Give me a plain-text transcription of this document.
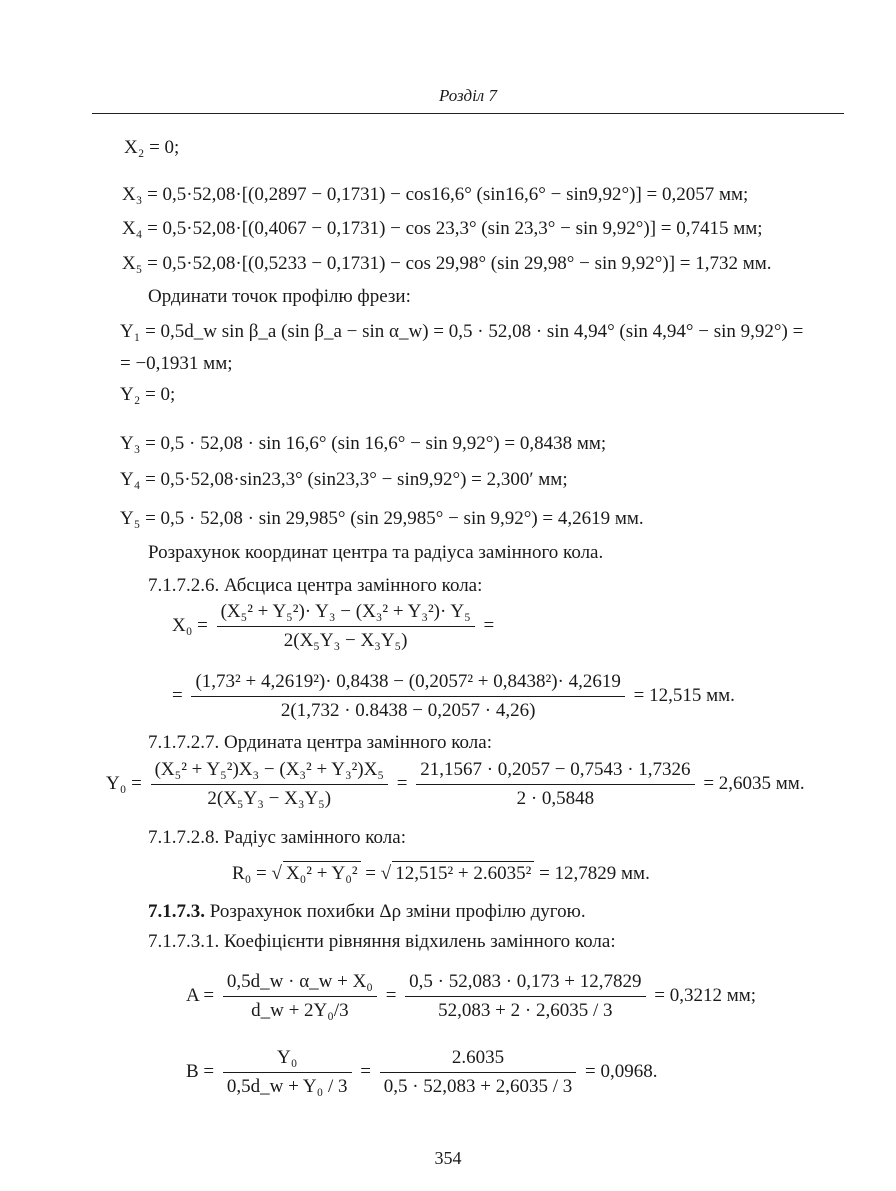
Розділ 7
X₂ = 0;
X₃ = 0,5·52,08·[(0,2897 − 0,1731) − cos16,6° (sin16,6° − sin9,92°)] = 0,2057 мм;
X₄ = 0,5·52,08·[(0,4067 − 0,1731) − cos 23,3° (sin 23,3° − sin 9,92°)] = 0,7415 мм;
X₅ = 0,5·52,08·[(0,5233 − 0,1731) − cos 29,98° (sin 29,98° − sin 9,92°)] = 1,732 мм.
Ординати точок профілю фрези:
Y₁ = 0,5d_w sin β_a (sin β_a − sin α_w) = 0,5 · 52,08 · sin 4,94° (sin 4,94° − sin 9,92°) =
= −0,1931 мм;
Y₂ = 0;
Y₃ = 0,5 · 52,08 · sin 16,6° (sin 16,6° − sin 9,92°) = 0,8438 мм;
Y₄ = 0,5·52,08·sin23,3° (sin23,3° − sin9,92°) = 2,300′ мм;
Y₅ = 0,5 · 52,08 · sin 29,985° (sin 29,985° − sin 9,92°) = 4,2619 мм.
Розрахунок координат центра та радіуса замінного кола.
7.1.7.2.6. Абсциса центра замінного кола:
$X_0 = \frac{\text{(X₅² + Y₅²)· Y₃ − (X₃² + Y₃²)· Y₅}}{\text{2(X₅Y₃ − X₃Y₅)}}$ =
= $\frac{\text{(1,73² + 4,2619²)· 0,8438 − (0,2057² + 0,8438²)· 4,2619}}{2(1,732 \cdot 0.8438 - 0,2057 \cdot 4,26)} = 12,515$ мм.
7.1.7.2.7. Ордината центра замінного кола:
$Y_0 = \frac{\text{(X₅² + Y₅²)X₃ − (X₃² + Y₃²)X₅}}{\text{2(X₅Y₃ − X₃Y₅)}} = \frac{21,1567 \cdot 0,2057 - 0,7543 \cdot 1,7326}{2 \cdot 0,5848} = 2,6035$ мм.
7.1.7.2.8. Радіус замінного кола:
R₀ = √ X₀² + Y₀² = √ 12,515² + 2.6035² = 12,7829 мм.
7.1.7.3. Розрахунок похибки Δρ зміни профілю дугою.
7.1.7.3.1. Коефіцієнти рівняння відхилень замінного кола:
$A = \frac{\text{0,5d\_w · α\_w + X₀}}{\text{d\_w + 2Y₀/3}} = \frac{0,5 \cdot 52,083 \cdot 0,173 + 12,7829}{52,083 + 2 \cdot 2,6035 / 3} = 0,3212$ мм;
$B = \frac{\text{Y₀}}{\text{0,5d\_w + Y₀ / 3}} = \frac{2.6035}{0,5 \cdot 52,083 + 2,6035 / 3} = 0,0968$.
354
